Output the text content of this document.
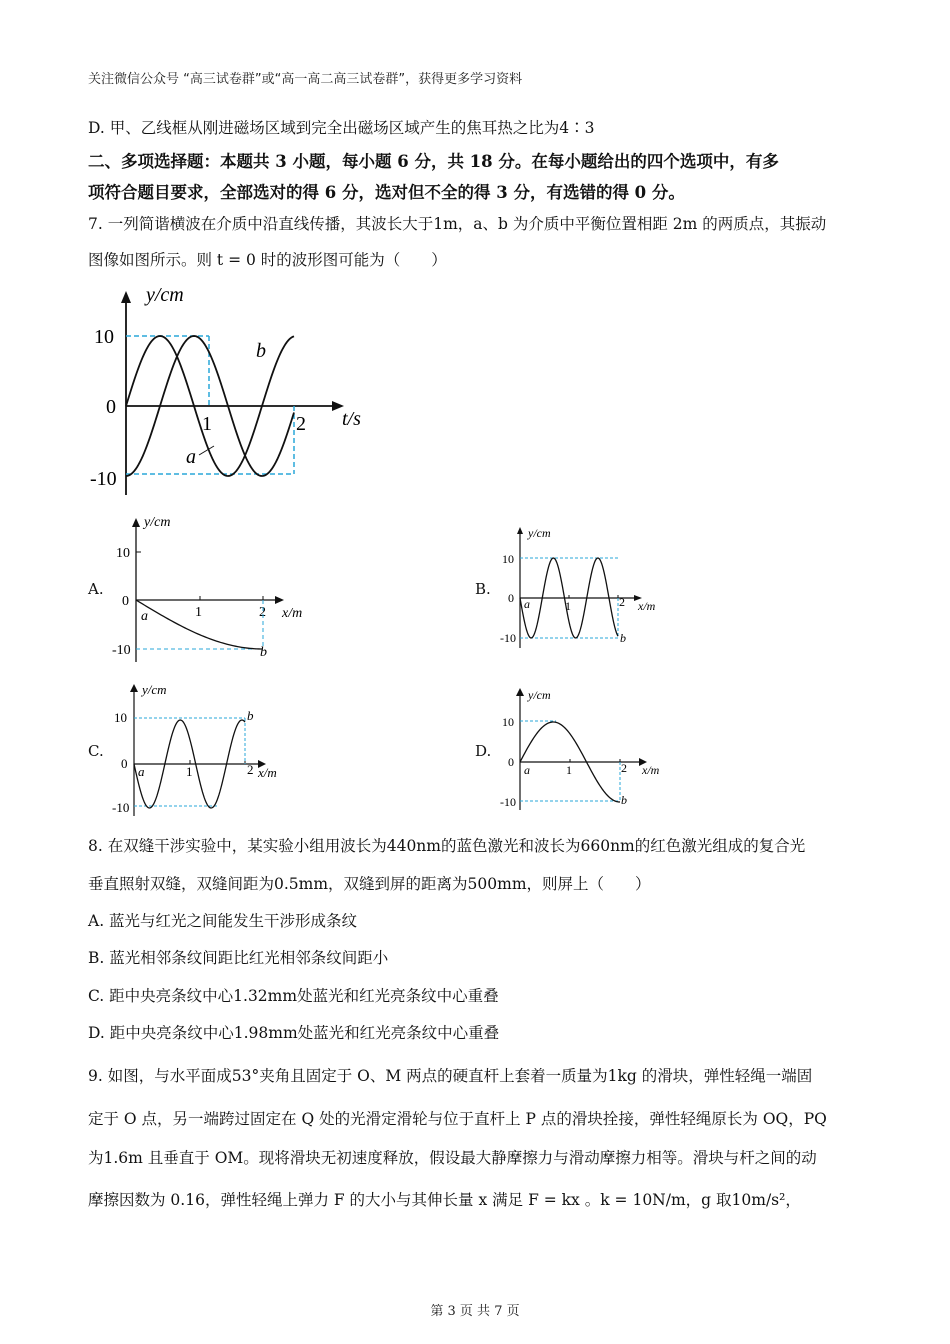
关注微信公众号 “高三试卷群”或“高一高二高三试卷群”，获得更多学习资料
D. 甲、乙线框从刚进磁场区域到完全出磁场区域产生的焦耳热之比为4∶3
二、多项选择题：本题共 3 小题，每小题 6 分，共 18 分。在每小题给出的四个选项中，有多
项符合题目要求，全部选对的得 6 分，选对但不全的得 3 分，有选错的得 0 分。
7. 一列简谐横波在介质中沿直线传播，其波长大于1m，a、b 为介质中平衡位置相距 2m 的两质点，其振动
图像如图所示。则 t = 0 时的波形图可能为（　　）
y/cm
t/s
10
0
-10
1	2
b
a
A.
y/cm
x/m
10
0
-10
1	2
a
b
B.
y/cm
x/m
10
0
-10
1	2
a
b
C.
y/cm
x/m
10
0
-10
1	2
a
b
D.
y/cm
x/m
10
0
-10
1	2
a
b
8. 在双缝干涉实验中，某实验小组用波长为440nm的蓝色激光和波长为660nm的红色激光组成的复合光
垂直照射双缝，双缝间距为0.5mm，双缝到屏的距离为500mm，则屏上（　　）
A. 蓝光与红光之间能发生干涉形成条纹
B. 蓝光相邻条纹间距比红光相邻条纹间距小
C. 距中央亮条纹中心1.32mm处蓝光和红光亮条纹中心重叠
D. 距中央亮条纹中心1.98mm处蓝光和红光亮条纹中心重叠
9. 如图，与水平面成53°夹角且固定于 O、M 两点的硬直杆上套着一质量为1kg 的滑块，弹性轻绳一端固
定于 O 点，另一端跨过固定在 Q 处的光滑定滑轮与位于直杆上 P 点的滑块拴接，弹性轻绳原长为 OQ，PQ
为1.6m 且垂直于 OM。现将滑块无初速度释放，假设最大静摩擦力与滑动摩擦力相等。滑块与杆之间的动
摩擦因数为 0.16，弹性轻绳上弹力 F 的大小与其伸长量 x 满足 F = kx 。k = 10N/m，g 取10m/s²，
第 3 页 共 7 页
